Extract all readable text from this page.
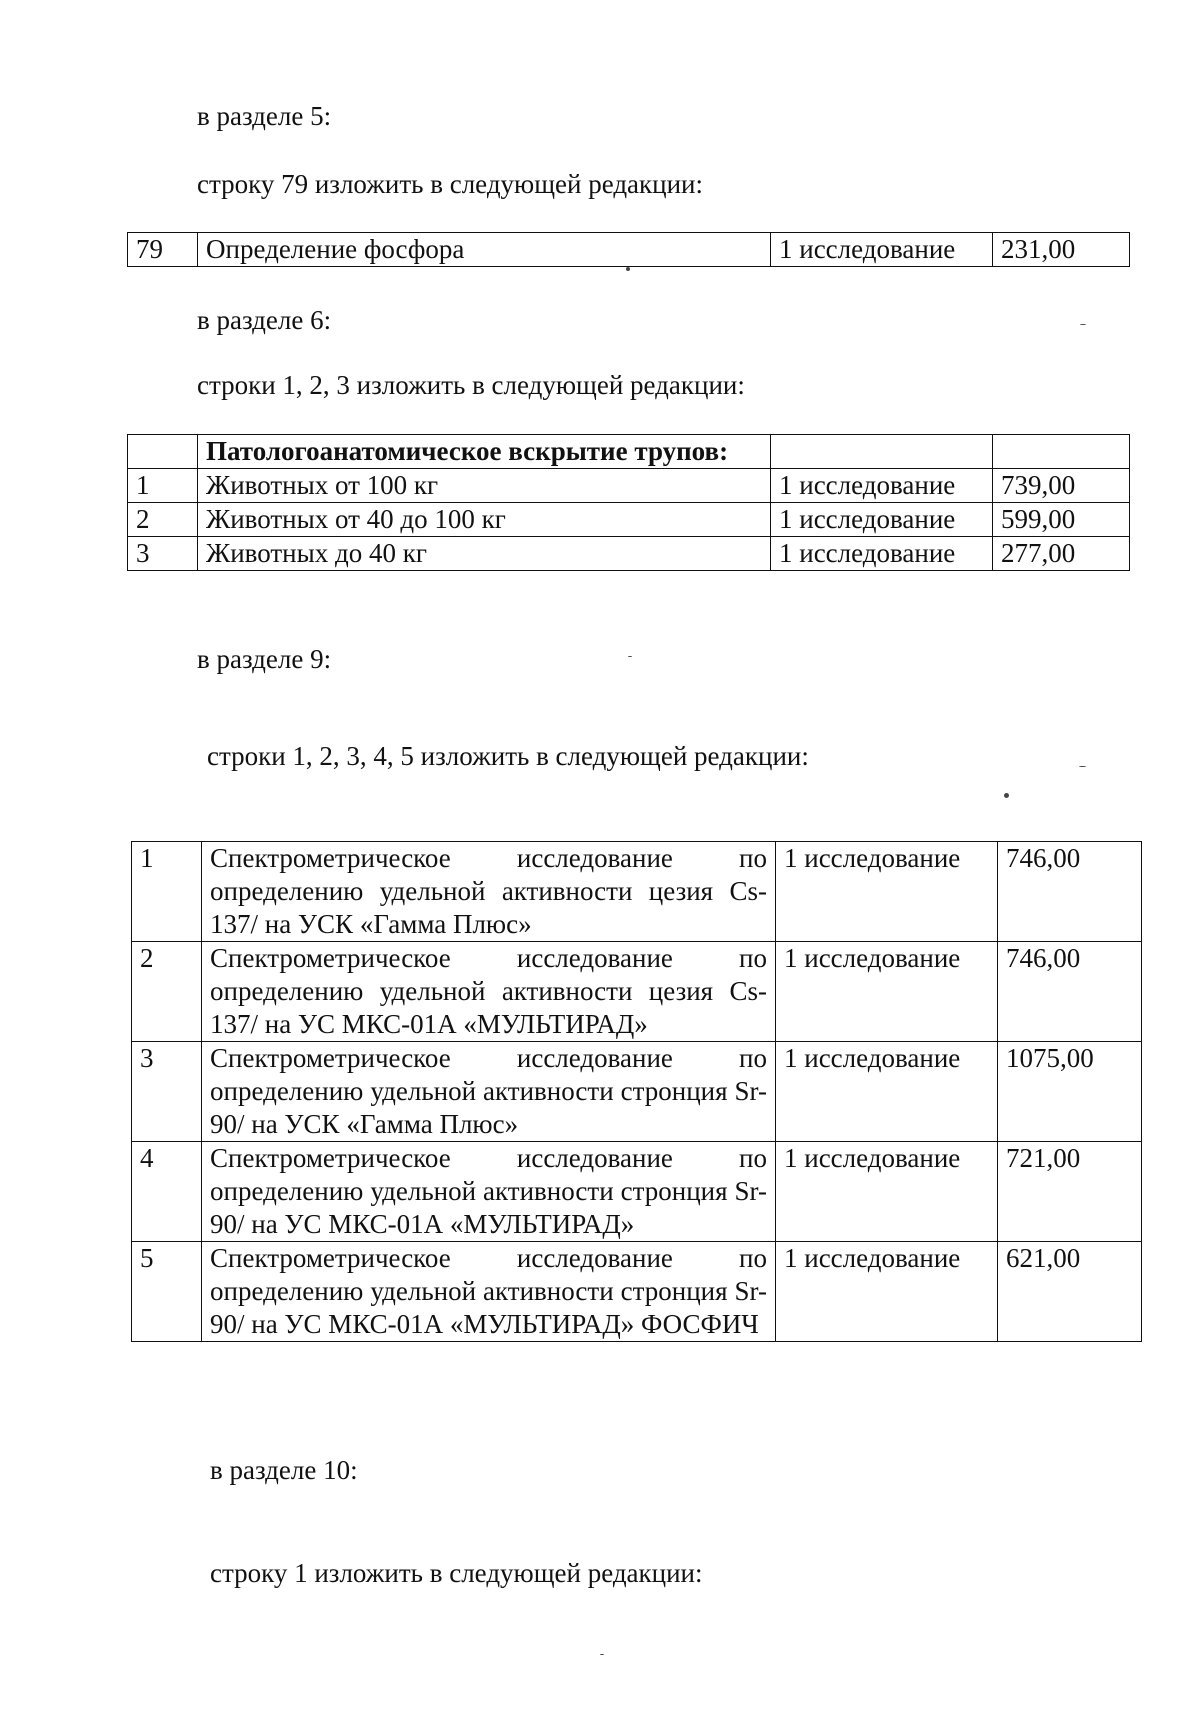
в разделе 5:

строку 79 изложить в следующей редакции:

79	Определение фосфора	1 исследование	231,00

в разделе 6:

строки 1, 2, 3 изложить в следующей редакции:

	Патологоанатомическое вскрытие трупов:		
1	Животных от 100 кг	1 исследование	739,00
2	Животных от 40 до 100 кг	1 исследование	599,00
3	Животных до 40 кг	1 исследование	277,00

в разделе 9:

строки 1, 2, 3, 4, 5 изложить в следующей редакции:

1	Спектрометрическое исследование по определению удельной активности цезия Cs-137/ на УСК «Гамма Плюс»	1 исследование	746,00
2	Спектрометрическое исследование по определению удельной активности цезия Cs-137/ на УС МКС-01А «МУЛЬТИРАД»	1 исследование	746,00
3	Спектрометрическое исследование по определению удельной активности стронция Sr-90/ на УСК «Гамма Плюс»	1 исследование	1075,00
4	Спектрометрическое исследование по определению удельной активности стронция Sr-90/ на УС МКС-01А «МУЛЬТИРАД»	1 исследование	721,00
5	Спектрометрическое исследование по определению удельной активности стронция Sr-90/ на УС МКС-01А «МУЛЬТИРАД» ФОСФИЧ	1 исследование	621,00

в разделе 10:

строку 1 изложить в следующей редакции:
